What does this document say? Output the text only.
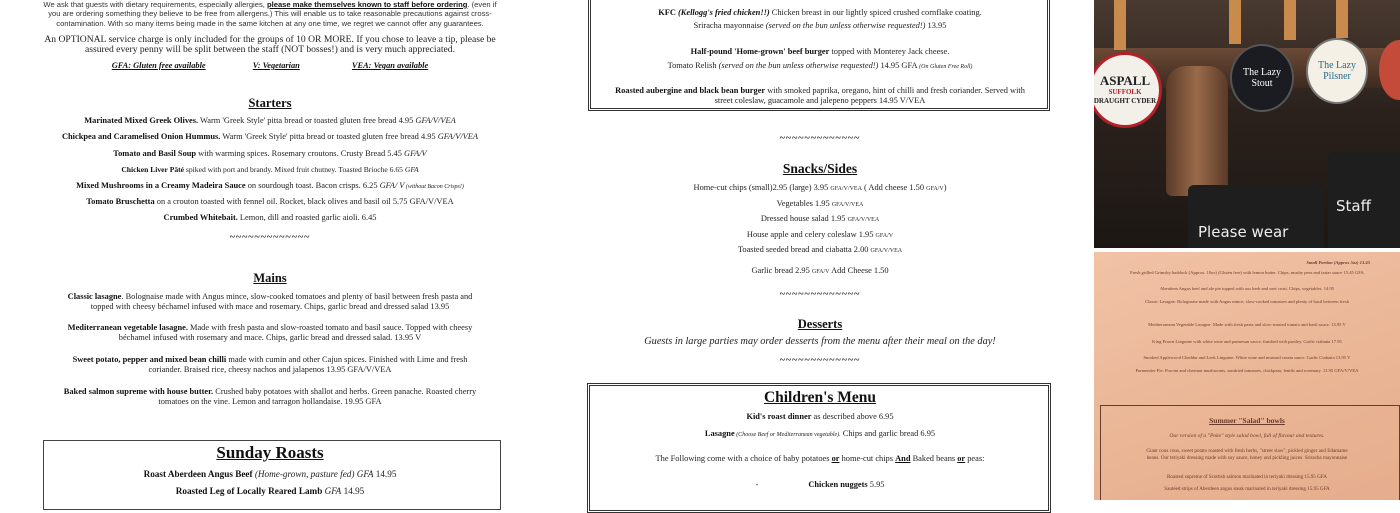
We ask that guests with dietary requirements, especially allergies, please make themselves known to staff before ordering. (even if
you are ordering something they believe to be free from allergens.) This will enable us to take reasonable precautions against cross-
contamination. With so many items being made in the same kitchen at any one time, we regret we cannot offer any guarantees.
An OPTIONAL service charge is only included for the groups of 10 OR MORE. If you chose to leave a tip, please be
assured every penny will be split between the staff (NOT bosses!) and is very much appreciated.
GFA: Gluten free available	V: Vegetarian	VEA: Vegan available
Starters
Marinated Mixed Greek Olives. Warm 'Greek Style' pitta bread or toasted gluten free bread 4.95 GFA/V/VEA
Chickpea and Caramelised Onion Hummus. Warm 'Greek Style' pitta bread or toasted gluten free bread 4.95 GFA/V/VEA
Tomato and Basil Soup with warming spices. Rosemary croutons. Crusty Bread 5.45 GFA/V
Chicken Liver Pâté spiked with port and brandy. Mixed fruit chutney. Toasted Brioche 6.65 GFA
Mixed Mushrooms in a Creamy Madeira Sauce on sourdough toast. Bacon crisps. 6.25 GFA/ V (without Bacon Crisps!)
Tomato Bruschetta on a crouton toasted with fennel oil. Rocket, black olives and basil oil 5.75 GFA/V/VEA
Crumbed Whitebait. Lemon, dill and roasted garlic aioli. 6.45
~~~~~~~~~~~~~
Mains
Classic lasagne. Bolognaise made with Angus mince, slow-cooked tomatoes and plenty of basil between fresh pasta and
topped with cheesy béchamel infused with mace and rosemary. Chips, garlic bread and dressed salad 13.95
Mediterranean vegetable lasagne. Made with fresh pasta and slow-roasted tomato and basil sauce. Topped with cheesy
béchamel infused with rosemary and mace. Chips, garlic bread and dressed salad. 13.95 V
Sweet potato, pepper and mixed bean chilli made with cumin and other Cajun spices. Finished with Lime and fresh
coriander. Braised rice, cheesy nachos and jalapenos 13.95 GFA/V/VEA
Baked salmon supreme with house butter. Crushed baby potatoes with shallot and herbs. Green panache. Roasted cherry
tomatoes on the vine. Lemon and tarragon hollandaise. 19.95 GFA
Sunday Roasts
Roast Aberdeen Angus Beef (Home-grown, pasture fed) GFA 14.95
Roasted Leg of Locally Reared Lamb GFA 14.95
KFC (Kellogg's fried chicken!!) Chicken breast in our lightly spiced crushed cornflake coating.
Sriracha mayonnaise (served on the bun unless otherwise requested!) 13.95
Half-pound 'Home-grown' beef burger topped with Monterey Jack cheese.
Tomato Relish (served on the bun unless otherwise requested!) 14.95 GFA (On Gluten Free Roll)
Roasted aubergine and black bean burger with smoked paprika, oregano, hint of chilli and fresh coriander. Served with
street coleslaw, guacamole and jalepeno peppers 14.95 V/VEA
~~~~~~~~~~~~~
Snacks/Sides
Home-cut chips (small)2.95 (large) 3.95 GFA/V/VEA ( Add cheese 1.50 GFA/V)
Vegetables 1.95 GFA/V/VEA
Dressed house salad 1.95 GFA/V/VEA
House apple and celery coleslaw 1.95 GFA/V
Toasted seeded bread and ciabatta 2.00 GFA/V/VEA
Garlic bread 2.95 GFA/V Add Cheese 1.50
~~~~~~~~~~~~~
Desserts
Guests in large parties may order desserts from the menu after their meal on the day!
~~~~~~~~~~~~~
Children's Menu
Kid's roast dinner as described above 6.95
Lasagne (Choose Beef or Mediterranean vegetable). Chips and garlic bread 6.95
The Following come with a choice of baby potatoes or home-cut chips And Baked beans or peas:
-	Chicken nuggets 5.95
ASPALL
SUFFOLK
DRAUGHT CYDER
The Lazy Stout
The Lazy Pilsner
Please wear
Staff
Small Portion (Approx 5oz) 13.45
Fresh grilled Grimsby haddock (Approx. 10oz) (Gluten free) with lemon butter. Chips, mushy peas and tartar sauce 15.45 GFA
Aberdeen Angus beef and ale pie topped with our herb and suet crust. Chips, vegetables. 14.95
Classic Lasagne. Bolognaise made with Angus mince, slow-cooked tomatoes and plenty of basil between fresh
Mediterranean Vegetable Lasagne. Made with fresh pasta and slow-roasted tomato and basil sauce. 13.95 V
King Prawn Linguine with white wine and parmesan sauce, finished with parsley. Garlic ciabatta 17.95
Smoked Applewood Cheddar and Leek Linguine. White wine and mustard cream sauce. Garlic Ciabatta 13.95 V
Parmentier Pie. Porcini and chestnut mushrooms, sundried tomatoes, chickpeas, lentils and rosemary. 13.95 GFA/V/VEA
Summer "Salad" bowls
Our version of a "Poke" style salad bowl, full of flavour and textures.
Giant cous cous, sweet potato roasted with fresh herbs, "street slaw", pickled ginger and Edamame
beans. Our teriyaki dressing made with soy sauce, honey and pickling juices. Sriracha mayonnaise
Roasted supreme of Scottish salmon marinated in teriyaki dressing 15.95 GFA
Sautéed strips of Aberdeen angus steak marinated in teriyaki dressing 15.95 GFA
